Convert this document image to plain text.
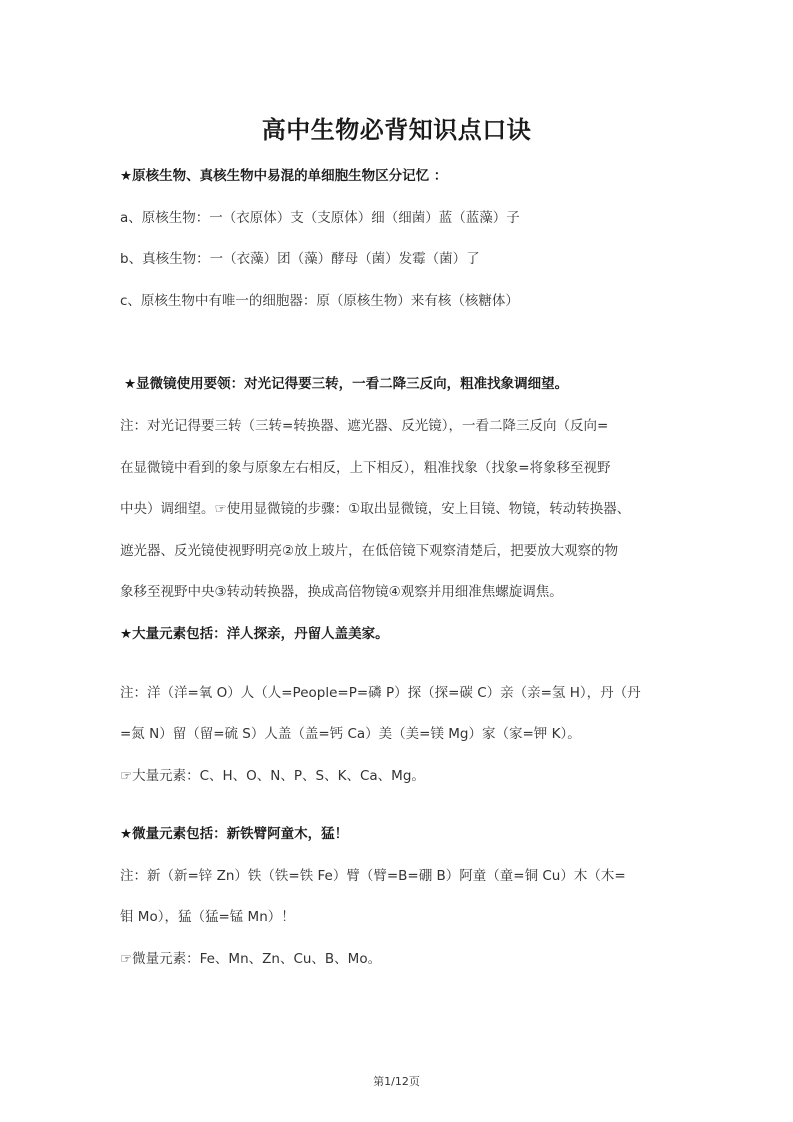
高中生物必背知识点口诀
★原核生物、真核生物中易混的单细胞生物区分记忆 ：
a、原核生物：一（衣原体）支（支原体）细（细菌）蓝（蓝藻）子
b、真核生物：一（衣藻）团（藻）酵母（菌）发霉（菌）了
c、原核生物中有唯一的细胞器：原（原核生物）来有核（核糖体）
★显微镜使用要领：对光记得要三转，一看二降三反向，粗准找象调细望。
注：对光记得要三转（三转=转换器、遮光器、反光镜），一看二降三反向（反向=
在显微镜中看到的象与原象左右相反，上下相反），粗准找象（找象=将象移至视野
中央）调细望。☞使用显微镜的步骤：①取出显微镜，安上目镜、物镜，转动转换器、
遮光器、反光镜使视野明亮②放上玻片，在低倍镜下观察清楚后，把要放大观察的物
象移至视野中央③转动转换器，换成高倍物镜④观察并用细准焦螺旋调焦。
★大量元素包括：洋人探亲，丹留人盖美家。
注：洋（洋=氧 O）人（人=People=P=磷 P）探（探=碳 C）亲（亲=氢 H），丹（丹
=氮 N）留（留=硫 S）人盖（盖=钙 Ca）美（美=镁 Mg）家（家=钾 K）。
☞大量元素：C、H、O、N、P、S、K、Ca、Mg。
★微量元素包括：新铁臂阿童木，猛！
注：新（新=锌 Zn）铁（铁=铁 Fe）臂（臂=B=硼 B）阿童（童=铜 Cu）木（木=
钼 Mo），猛（猛=锰 Mn）！
☞微量元素：Fe、Mn、Zn、Cu、B、Mo。
第1/12页
